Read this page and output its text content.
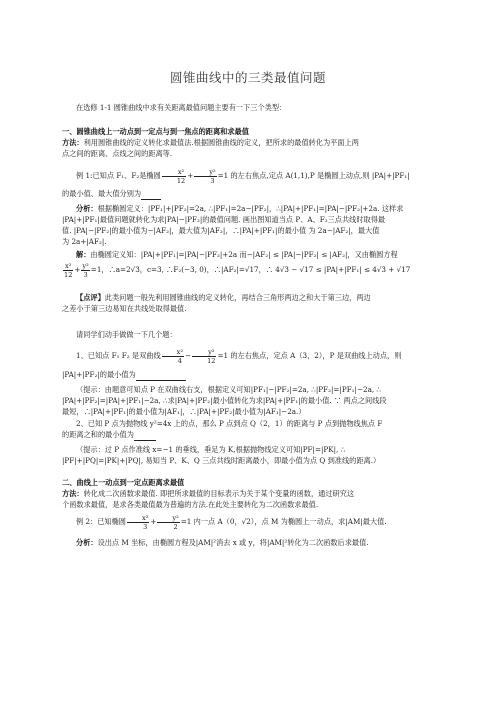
圆锥曲线中的三类最值问题
在选修 1-1 圆锥曲线中求有关距离最值问题主要有一下三个类型：
一、圆锥曲线上一动点到一定点与到一焦点的距离和求最值
方法：利用圆锥曲线的定义转化求最值法.根据圆锥曲线的定义，把所求的最值转化为平面上两
点之间的距离、点线之间的距离等.
例 1:已知点 F₁、F₂是椭圆 $\frac{\text{x²}}{12} + \frac{\text{y²}}{3} =1$ 的左右焦点,定点 A(1,1),P 是椭圆上动点,则 |PA|+|PF₁|
的最小值、最大值分别为
分析：根据椭圆定义：|PF₁|+|PF₂|=2a, ∴|PF₁|=2a−|PF₂|，∴|PA|+|PF₁|=|PA|−|PF₂|+2a. 这样求
|PA|+|PF₁|最值问题就转化为求|PA|−|PF₂|的最值问题. 画出图知道当点 P、A、F₂三点共线时取得最
值. |PA|−|PF₂|的最小值为−|AF₂|，最大值为|AF₂|，∴|PA|+|PF₁|的最小值 为 2a−|AF₂|，最大值
为 2a+|AF₂|.
解：由椭圆定义知：|PA|+|PF₁|=|PA|−|PF₂|+2a 而−|AF₂| ≤ |PA|−|PF₂| ≤ |AF₂|，又由椭圆方程
$\frac{\text{x²}}{12} + \frac{\text{y²}}{3} =1$，∴a=2√3，c=3, ∴F₂(−3, 0)，∴|AF₂|=√17，∴ 4√3 − √17 ≤ |PA|+|PF₁| ≤ 4√3 + √17
【点评】此类问题一般先利用圆锥曲线的定义转化，再结合三角形两边之和大于第三边，两边
之差小于第三边易知在共线处取得最值.
请同学们动手做做一下几个题：
1、已知点 F₁ F₂ 是双曲线 $\frac{\text{x²}}{4} - \frac{\text{y²}}{12} =1$ 的左右焦点，定点 A（3，2），P 是双曲线上动点，则
|PA|+|PF₂|的最小值为
（提示：由题意可知点 P 在双曲线右支，根据定义可知|PF₁|−|PF₂|=2a, ∴|PF₂|=|PF₁|−2a, ∴
|PA|+|PF₂|=|PA|+|PF₁|−2a, ∴求|PA|+|PF₂|最小值转化为求|PA|+|PF₁|的最小值. ∵ 两点之间线段
最短，∴|PA|+|PF₁|的最小值为|AF₁|，∴|PA|+|PF₂|最小值为|AF₁|−2a.）
2、已知 P 点为抛物线 y²=4x 上的点，那么 P 点到点 Q（2，1）的距离与 P 点到抛物线焦点 F
的距离之和的最小值为
（提示：过 P 点作准线 x=−1 的垂线，垂足为 K,根据抛物线定义可知|PF|=|PK|, ∴
|PF|+|PQ|=|PK|+|PQ|, 易知当 P、K、Q 三点共线时距离最小，即最小值为点 Q 到准线的距离.）
二、曲线上一动点到一定点距离求最值
方法：转化成二次函数求最值. 即把所求最值的目标表示为关于某个变量的函数，通过研究这
个函数求最值，是求各类最值最为普遍的方法.在此处主要转化为二次函数求最值.
例 2：已知椭圆 $\frac{\text{x²}}{3} + \frac{\text{y²}}{2} =1$ 内一点 A（0，√2），点 M 为椭圆上一动点，求|AM|最大值.
分析：设出点 M 坐标，由椭圆方程及|AM|²消去 x 或 y，将|AM|²转化为二次函数后求最值.
